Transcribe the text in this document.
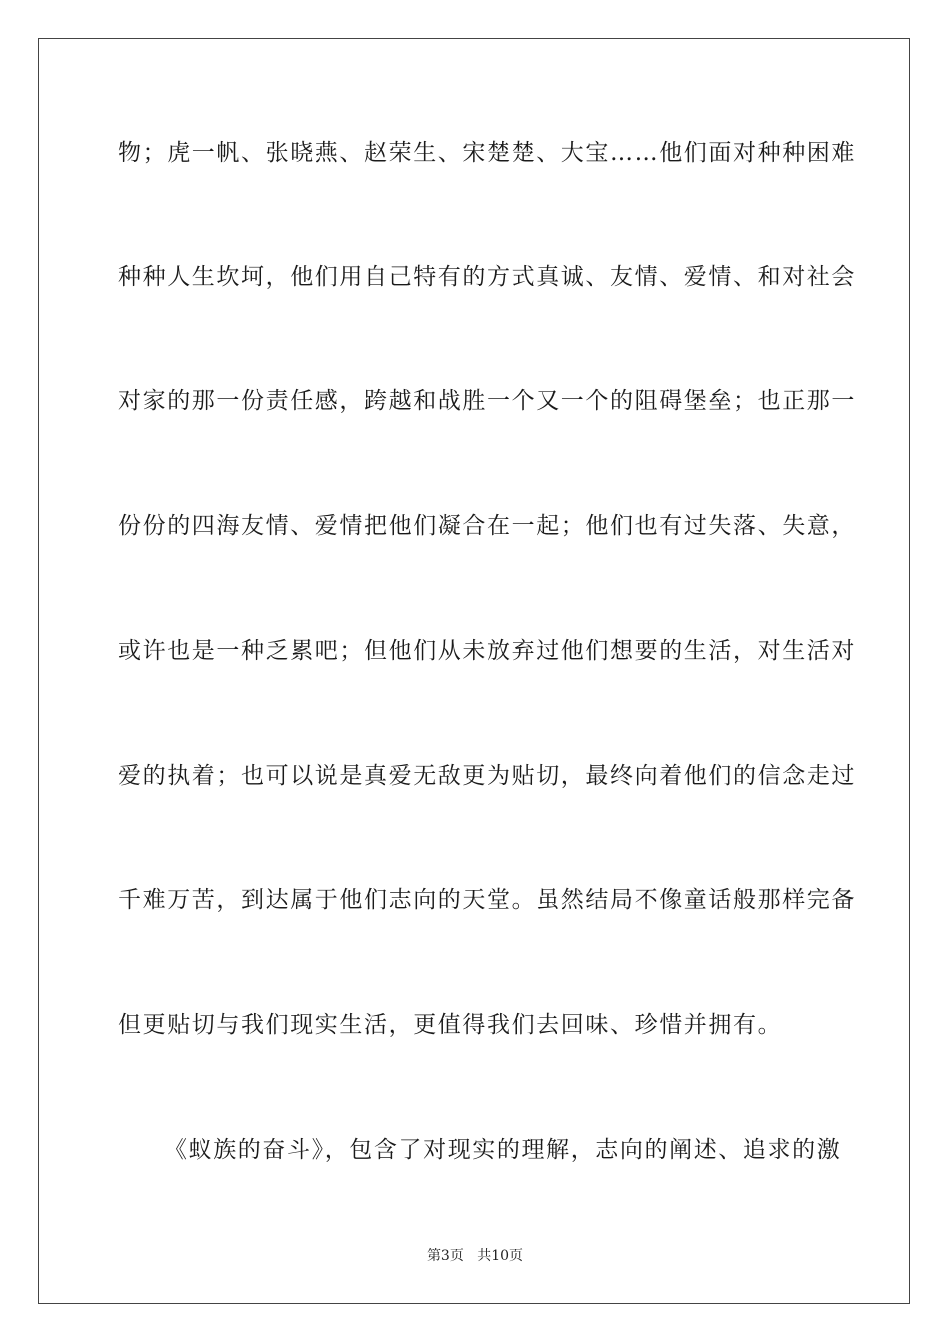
物；虎一帆、张晓燕、赵荣生、宋楚楚、大宝……他们面对种种困难
种种人生坎坷，他们用自己特有的方式真诚、友情、爱情、和对社会
对家的那一份责任感，跨越和战胜一个又一个的阻碍堡垒；也正那一
份份的四海友情、爱情把他们凝合在一起；他们也有过失落、失意，
或许也是一种乏累吧；但他们从未放弃过他们想要的生活，对生活对
爱的执着；也可以说是真爱无敌更为贴切，最终向着他们的信念走过
千难万苦，到达属于他们志向的天堂。虽然结局不像童话般那样完备
但更贴切与我们现实生活，更值得我们去回味、珍惜并拥有。
《蚁族的奋斗》，包含了对现实的理解，志向的阐述、追求的激
第3页 共10页
